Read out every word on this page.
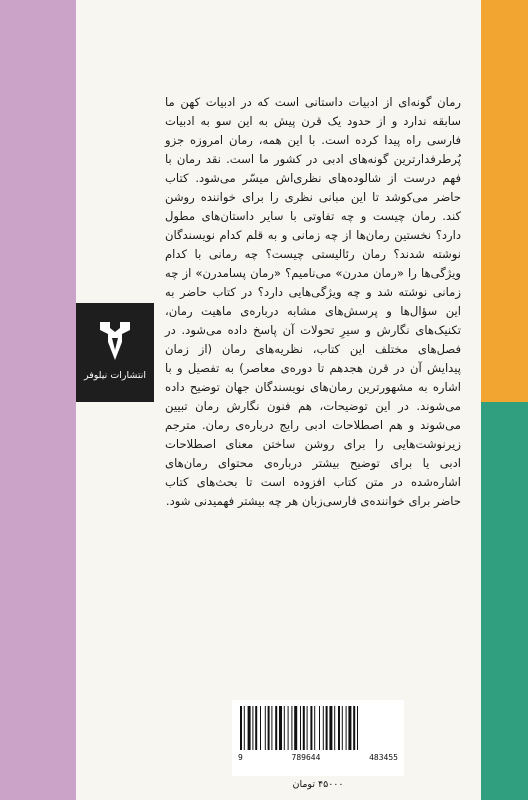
انتشارات نیلوفر
رمان گونه‌ای از ادبیات داستانی است که در ادبیات کهن ما
سابقه ندارد و از حدود یک قرن پیش به این سو به ادبیات
فارسی راه پیدا کرده است. با این همه، رمان امروزه جزو
پُرطرفدارترین گونه‌های ادبی در کشور ما است. نقد رمان با
فهم درست از شالوده‌های نظری‌اش میسّر می‌شود. کتاب
حاضر می‌کوشد تا این مبانی نظری را برای خواننده روشن
کند. رمان چیست و چه تفاوتی با سایر داستان‌های مطول
دارد؟ نخستین رمان‌ها از چه زمانی و به قلم کدام نویسندگان
نوشته شدند؟ رمان رئالیستی چیست؟ چه رمانی با کدام
ویژگی‌ها را «رمان مدرن» می‌نامیم؟ «رمان پسامدرن» از چه
زمانی نوشته شد و چه ویژگی‌هایی دارد؟ در کتاب حاضر به
این سؤال‌ها و پرسش‌های مشابه درباره‌ی ماهیت رمان،
تکنیک‌های نگارش و سیرِ تحولات آن پاسخ داده می‌شود. در
فصل‌های مختلف این کتاب، نظریه‌های رمان (از زمان
پیدایش آن در قرن هجدهم تا دوره‌ی معاصر) به تفصیل و با
اشاره به مشهورترین رمان‌های نویسندگان جهان توضیح داده
می‌شوند. در این توضیحات، هم فنون نگارش رمان تبیین
می‌شوند و هم اصطلاحات ادبی رایج درباره‌ی رمان. مترجم
زیرنوشت‌هایی را برای روشن ساختن معنای اصطلاحات
ادبی یا برای توضیح بیشتر درباره‌ی محتوای رمان‌های
اشاره‌شده در متن کتاب افزوده است تا بحث‌های کتاب
حاضر برای خواننده‌ی فارسی‌زبان هر چه بیشتر فهمیدنی شود.
9	789644	483455
۴۵۰۰۰ تومان
